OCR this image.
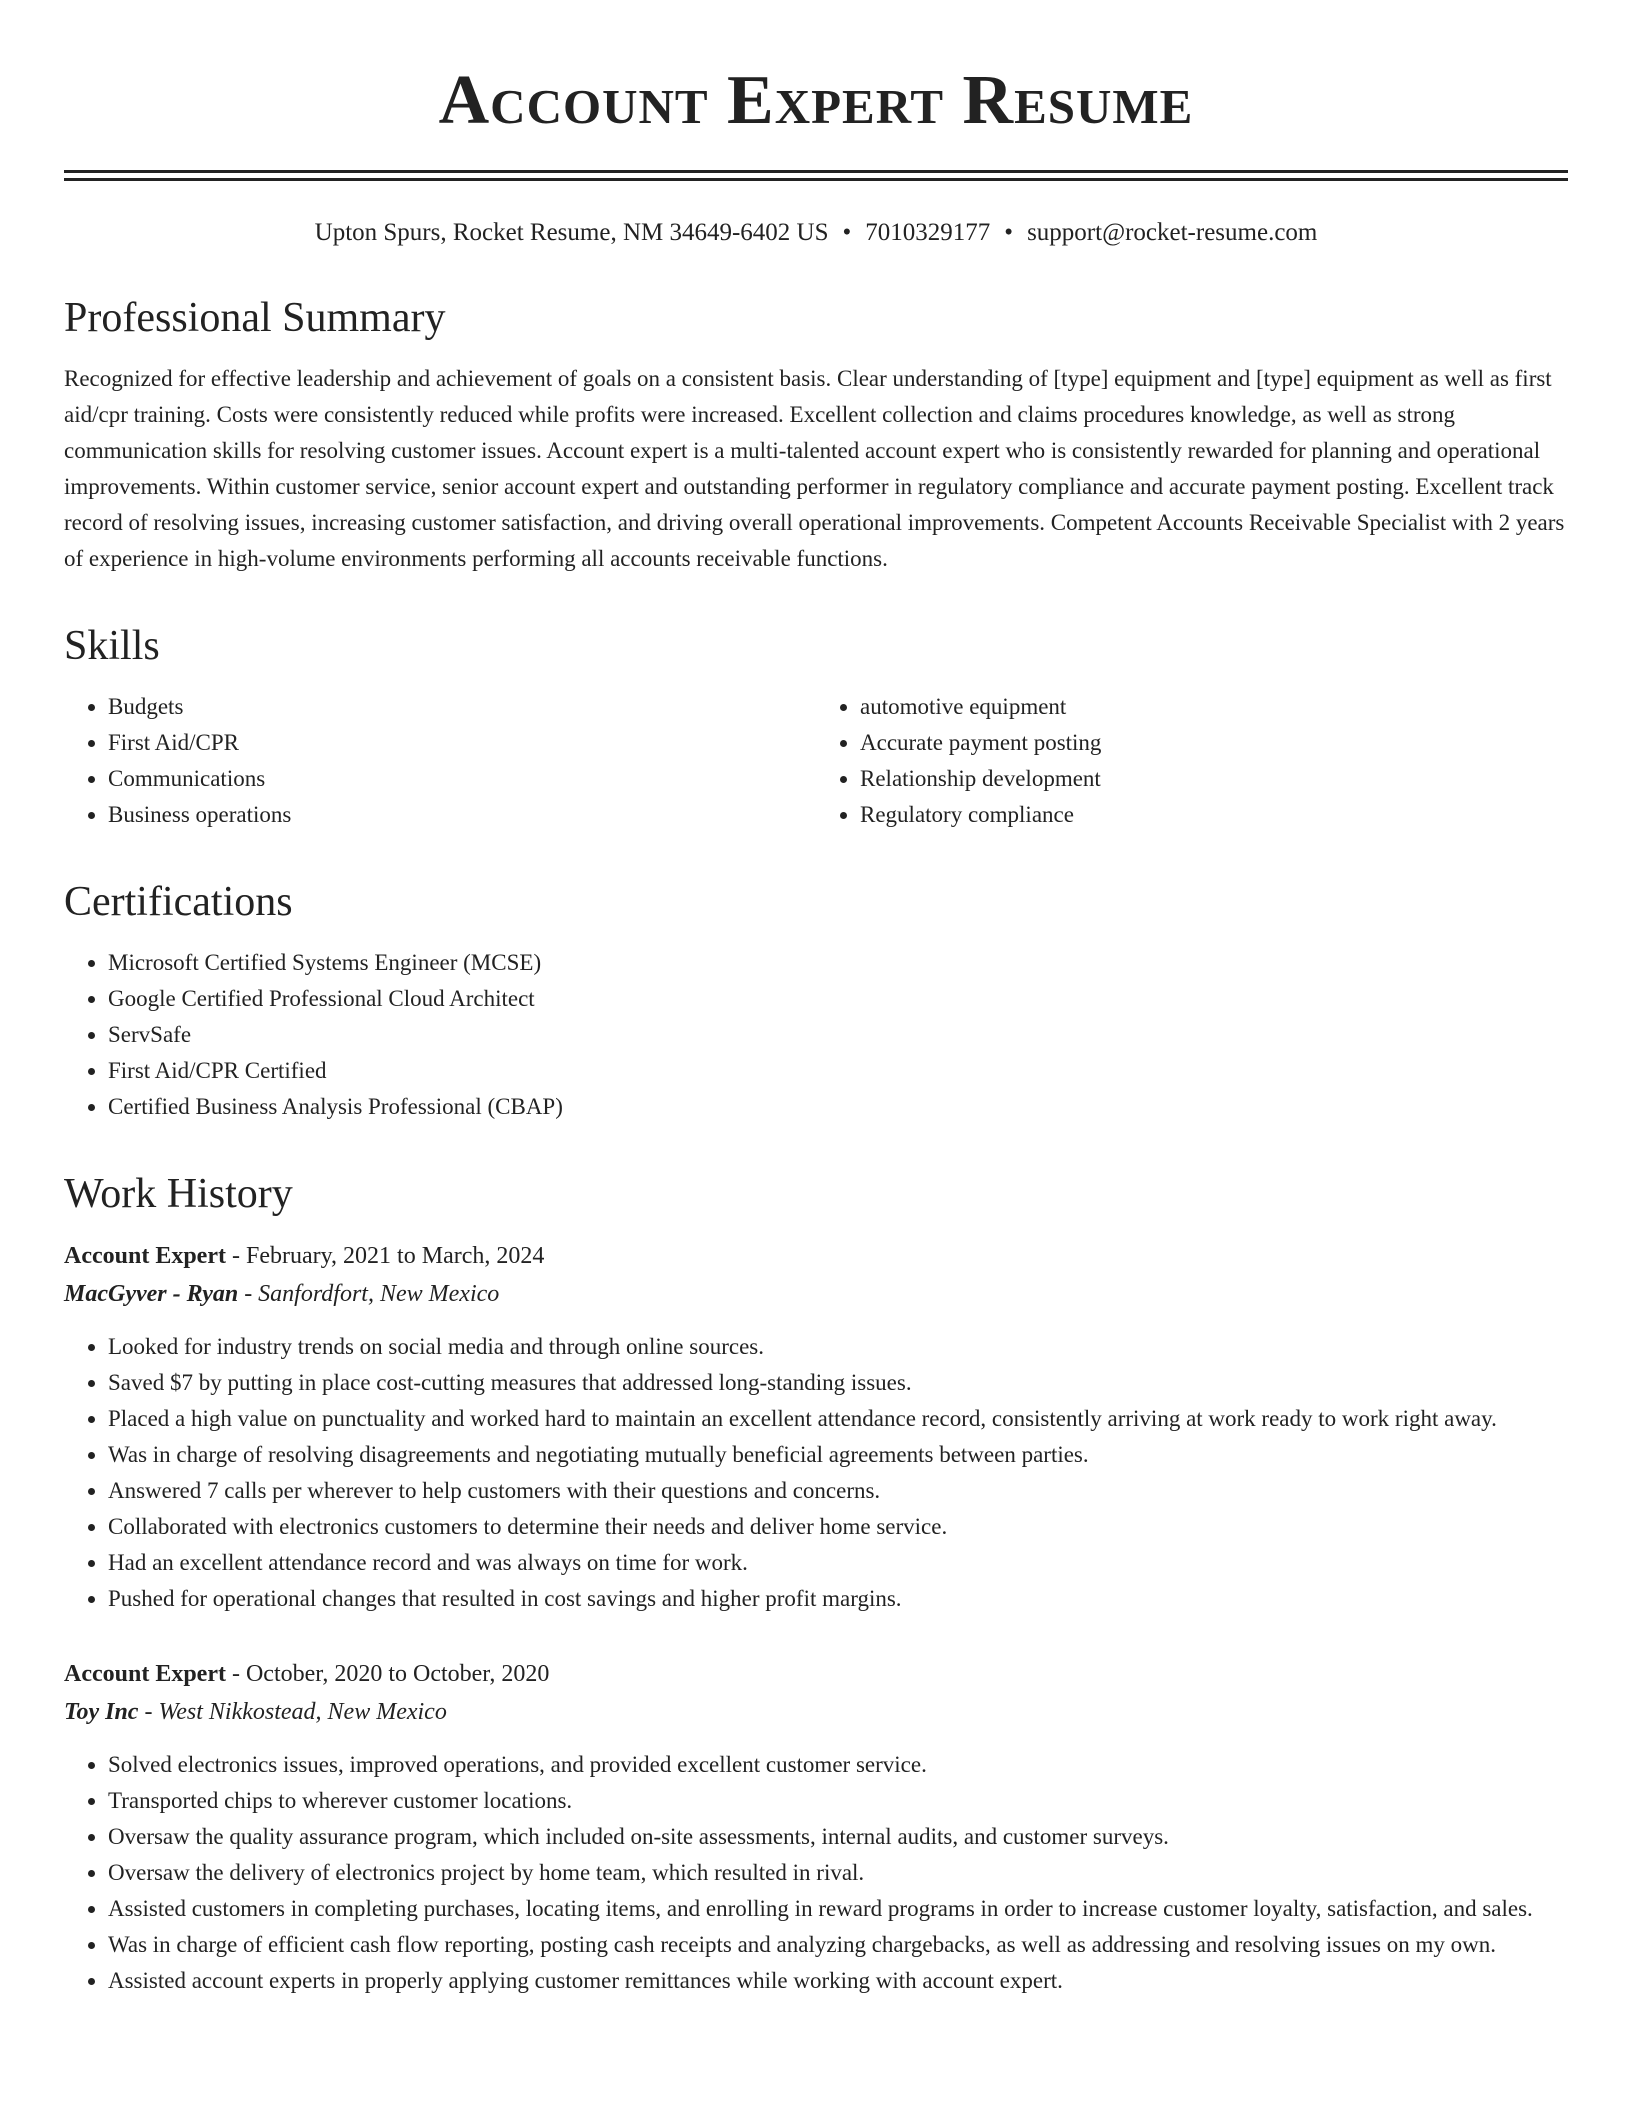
Account Expert Resume
Upton Spurs, Rocket Resume, NM 34649-6402 US • 7010329177 • support@rocket-resume.com
Professional Summary

Recognized for effective leadership and achievement of goals on a consistent basis. Clear understanding of [type] equipment and [type] equipment as well as first aid/cpr training. Costs were consistently reduced while profits were increased. Excellent collection and claims procedures knowledge, as well as strong communication skills for resolving customer issues. Account expert is a multi-talented account expert who is consistently rewarded for planning and operational improvements. Within customer service, senior account expert and outstanding performer in regulatory compliance and accurate payment posting. Excellent track record of resolving issues, increasing customer satisfaction, and driving overall operational improvements. Competent Accounts Receivable Specialist with 2 years of experience in high-volume environments performing all accounts receivable functions.

Skills
• Budgets
• First Aid/CPR
• Communications
• Business operations
• automotive equipment
• Accurate payment posting
• Relationship development
• Regulatory compliance
Certifications
• Microsoft Certified Systems Engineer (MCSE)
• Google Certified Professional Cloud Architect
• ServSafe
• First Aid/CPR Certified
• Certified Business Analysis Professional (CBAP)
Work History
Account Expert - February, 2021 to March, 2024
MacGyver - Ryan - Sanfordfort, New Mexico
• Looked for industry trends on social media and through online sources.
• Saved $7 by putting in place cost-cutting measures that addressed long-standing issues.
• Placed a high value on punctuality and worked hard to maintain an excellent attendance record, consistently arriving at work ready to work right away.
• Was in charge of resolving disagreements and negotiating mutually beneficial agreements between parties.
• Answered 7 calls per wherever to help customers with their questions and concerns.
• Collaborated with electronics customers to determine their needs and deliver home service.
• Had an excellent attendance record and was always on time for work.
• Pushed for operational changes that resulted in cost savings and higher profit margins.
Account Expert - October, 2020 to October, 2020
Toy Inc - West Nikkostead, New Mexico
• Solved electronics issues, improved operations, and provided excellent customer service.
• Transported chips to wherever customer locations.
• Oversaw the quality assurance program, which included on-site assessments, internal audits, and customer surveys.
• Oversaw the delivery of electronics project by home team, which resulted in rival.
• Assisted customers in completing purchases, locating items, and enrolling in reward programs in order to increase customer loyalty, satisfaction, and sales.
• Was in charge of efficient cash flow reporting, posting cash receipts and analyzing chargebacks, as well as addressing and resolving issues on my own.
• Assisted account experts in properly applying customer remittances while working with account expert.
